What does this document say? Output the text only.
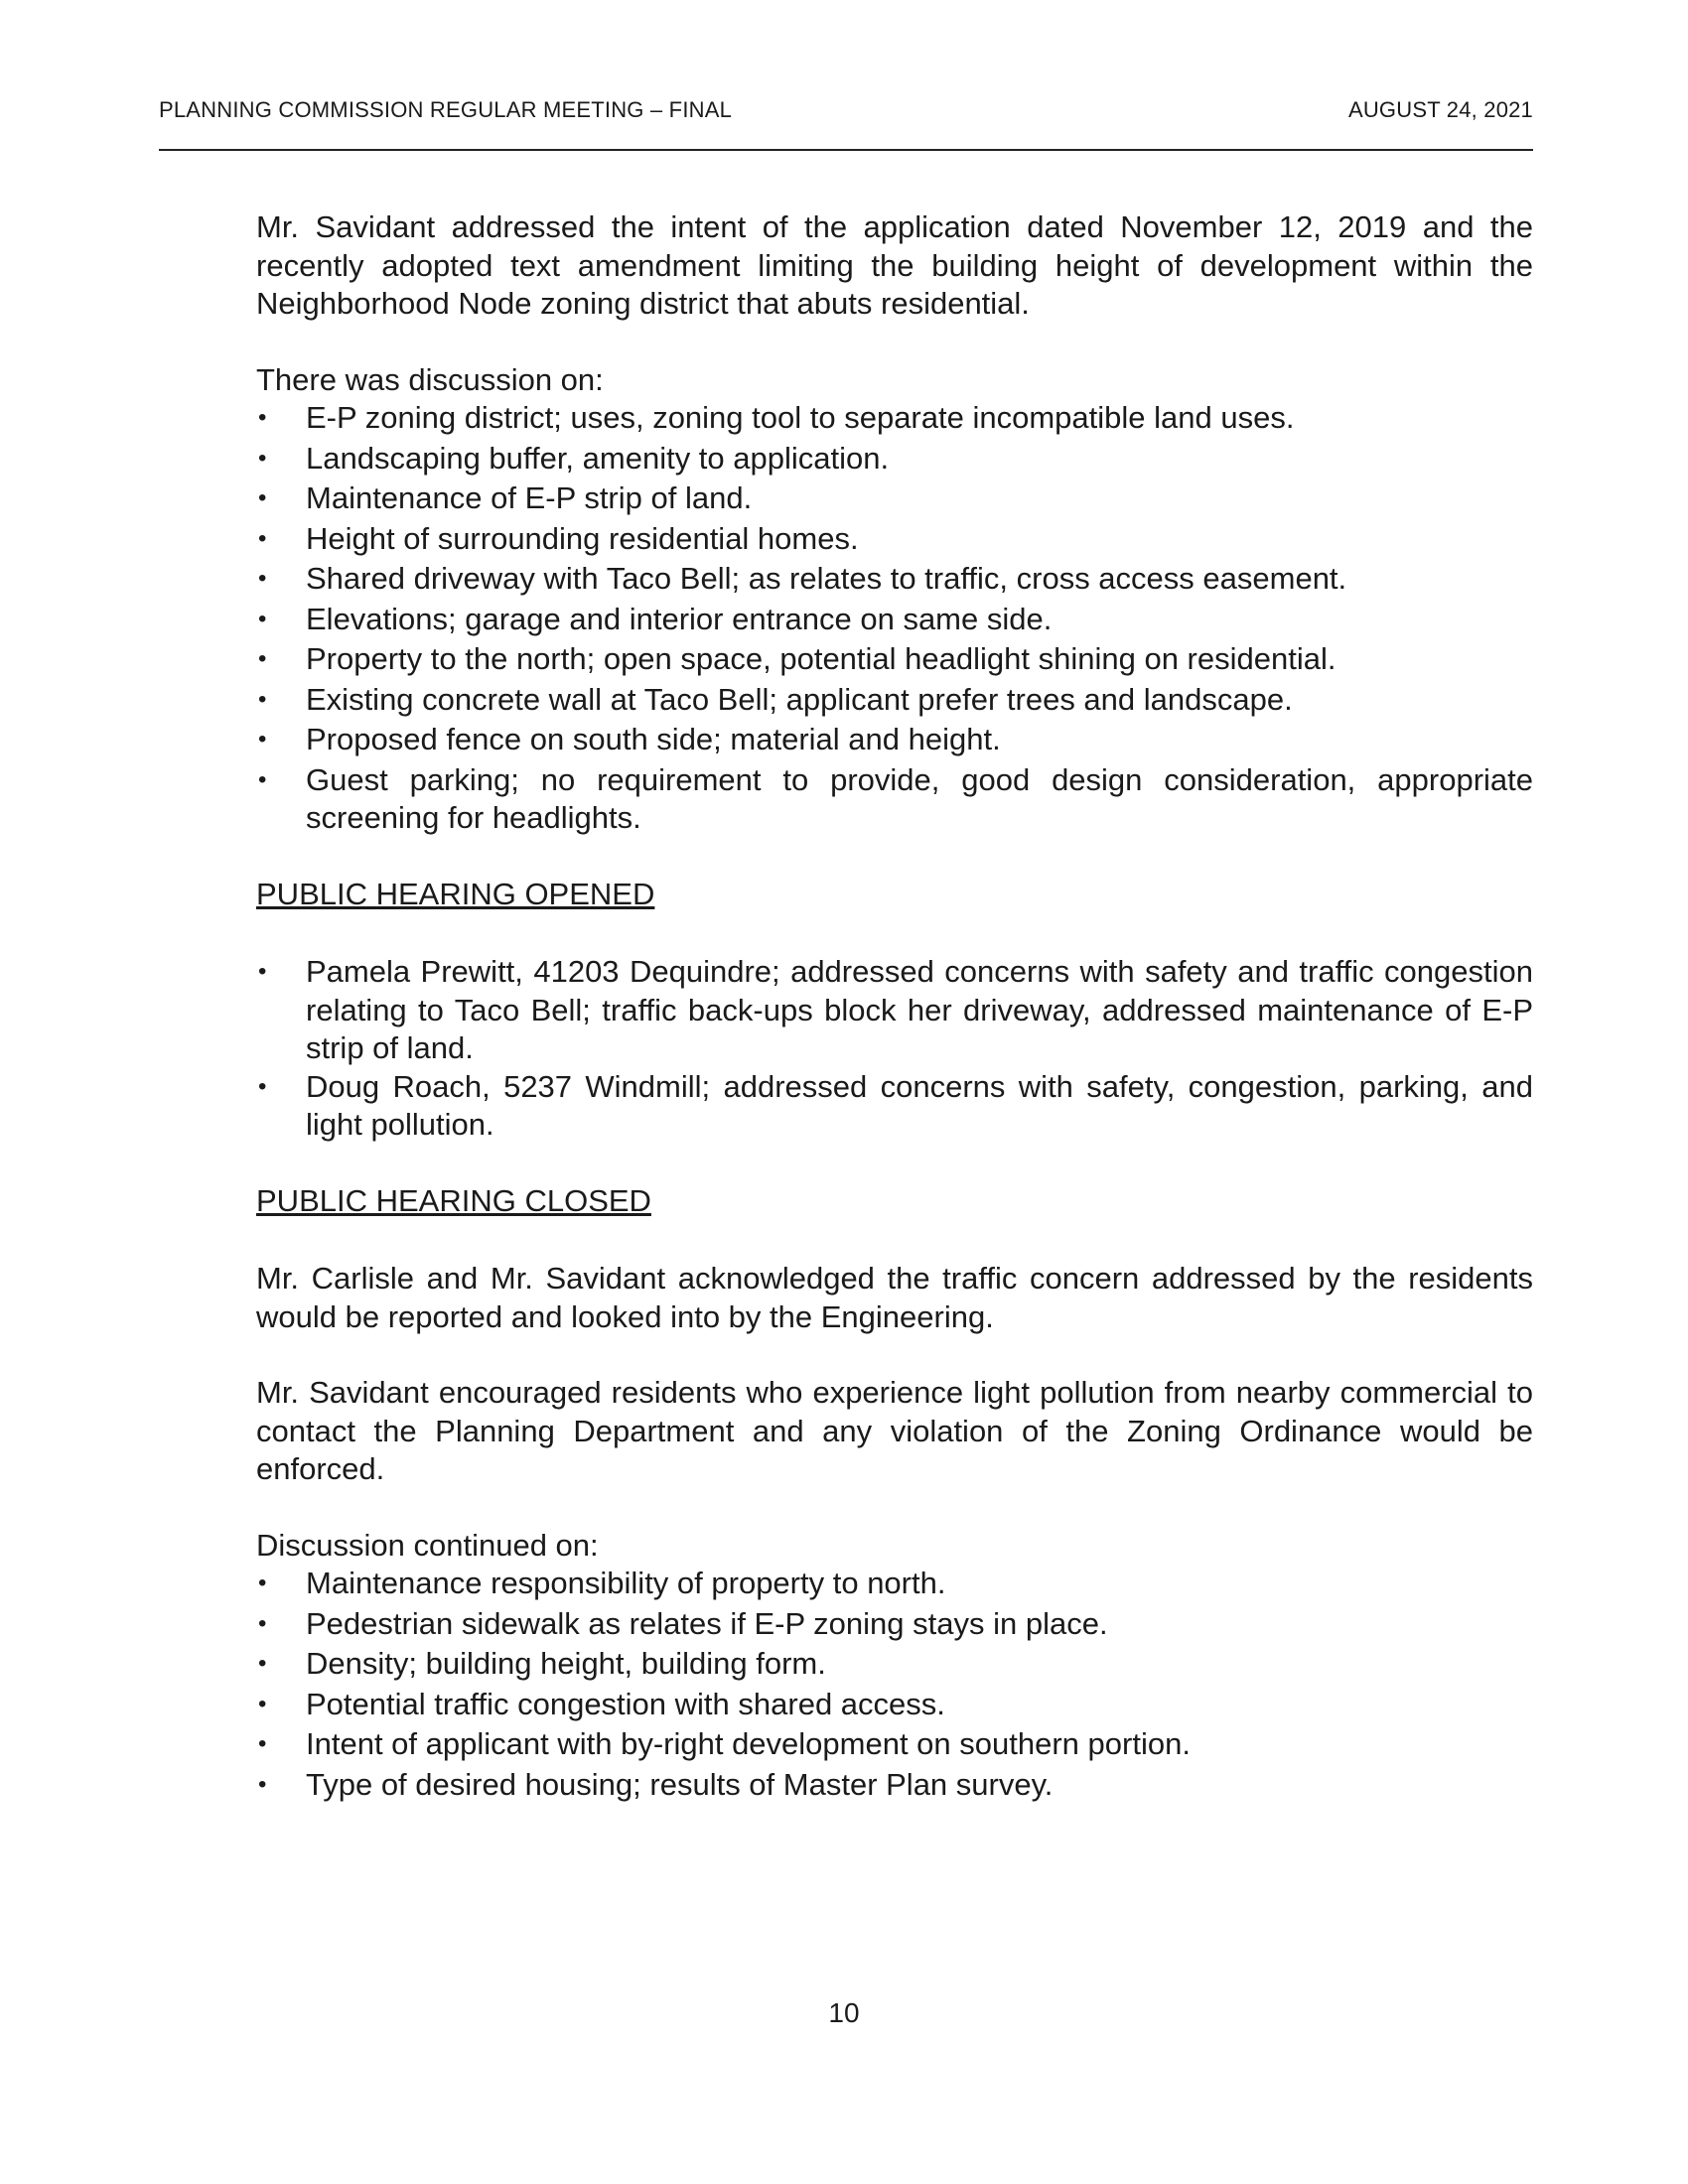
PLANNING COMMISSION REGULAR MEETING – FINAL	AUGUST 24, 2021

Mr. Savidant addressed the intent of the application dated November 12, 2019 and the recently adopted text amendment limiting the building height of development within the Neighborhood Node zoning district that abuts residential.

There was discussion on:

• E-P zoning district; uses, zoning tool to separate incompatible land uses.
• Landscaping buffer, amenity to application.
• Maintenance of E-P strip of land.
• Height of surrounding residential homes.
• Shared driveway with Taco Bell; as relates to traffic, cross access easement.
• Elevations; garage and interior entrance on same side.
• Property to the north; open space, potential headlight shining on residential.
• Existing concrete wall at Taco Bell; applicant prefer trees and landscape.
• Proposed fence on south side; material and height.
• Guest parking; no requirement to provide, good design consideration, appropriate screening for headlights.

PUBLIC HEARING OPENED

• Pamela Prewitt, 41203 Dequindre; addressed concerns with safety and traffic congestion relating to Taco Bell; traffic back-ups block her driveway, addressed maintenance of E-P strip of land.
• Doug Roach, 5237 Windmill; addressed concerns with safety, congestion, parking, and light pollution.

PUBLIC HEARING CLOSED

Mr. Carlisle and Mr. Savidant acknowledged the traffic concern addressed by the residents would be reported and looked into by the Engineering.

Mr. Savidant encouraged residents who experience light pollution from nearby commercial to contact the Planning Department and any violation of the Zoning Ordinance would be enforced.

Discussion continued on:

• Maintenance responsibility of property to north.
• Pedestrian sidewalk as relates if E-P zoning stays in place.
• Density; building height, building form.
• Potential traffic congestion with shared access.
• Intent of applicant with by-right development on southern portion.
• Type of desired housing; results of Master Plan survey.
10
